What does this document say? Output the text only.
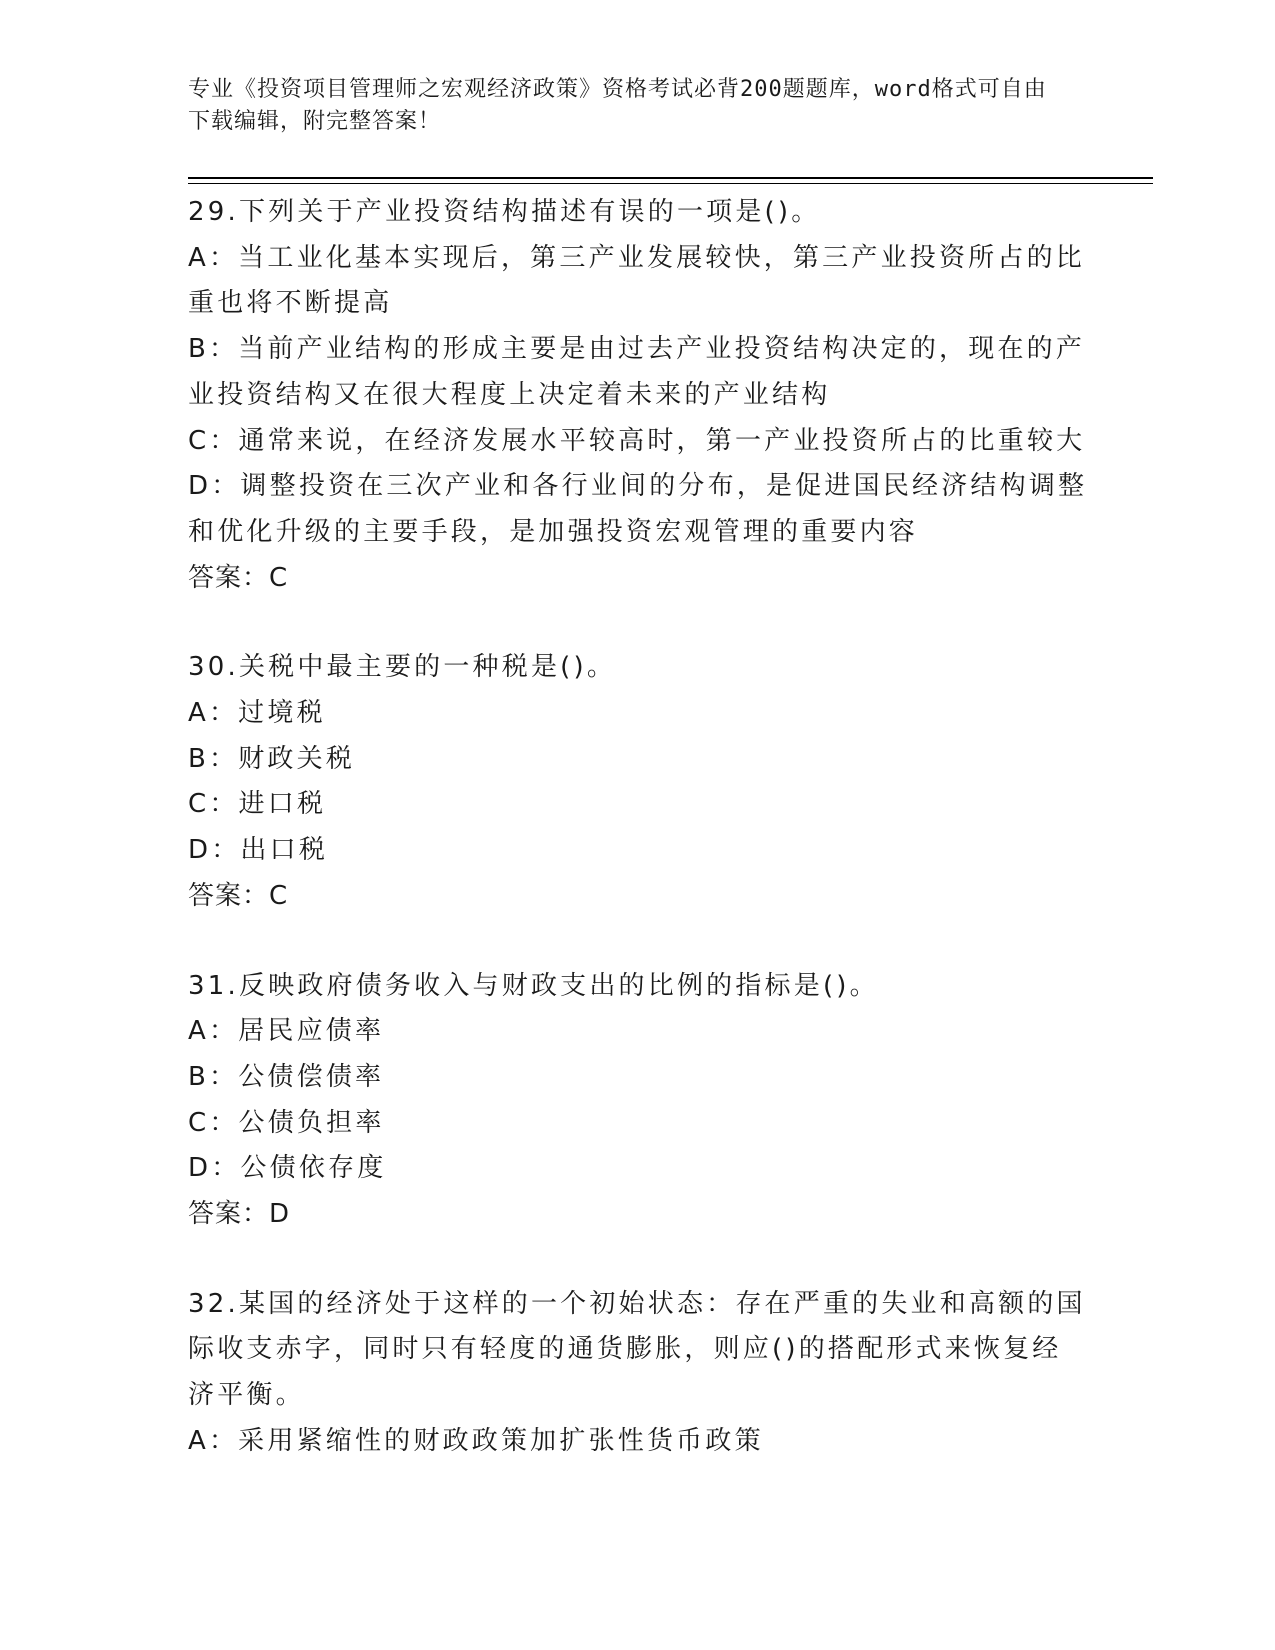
专业《投资项目管理师之宏观经济政策》资格考试必背200题题库，word格式可自由下载编辑，附完整答案！
29.下列关于产业投资结构描述有误的一项是()。
A：当工业化基本实现后，第三产业发展较快，第三产业投资所占的比重也将不断提高
B：当前产业结构的形成主要是由过去产业投资结构决定的，现在的产业投资结构又在很大程度上决定着未来的产业结构
C：通常来说，在经济发展水平较高时，第一产业投资所占的比重较大
D：调整投资在三次产业和各行业间的分布，是促进国民经济结构调整和优化升级的主要手段，是加强投资宏观管理的重要内容
答案：C
30.关税中最主要的一种税是()。
A：过境税
B：财政关税
C：进口税
D：出口税
答案：C
31.反映政府债务收入与财政支出的比例的指标是()。
A：居民应债率
B：公债偿债率
C：公债负担率
D：公债依存度
答案：D
32.某国的经济处于这样的一个初始状态：存在严重的失业和高额的国际收支赤字，同时只有轻度的通货膨胀，则应()的搭配形式来恢复经济平衡。
A：采用紧缩性的财政政策加扩张性货币政策
